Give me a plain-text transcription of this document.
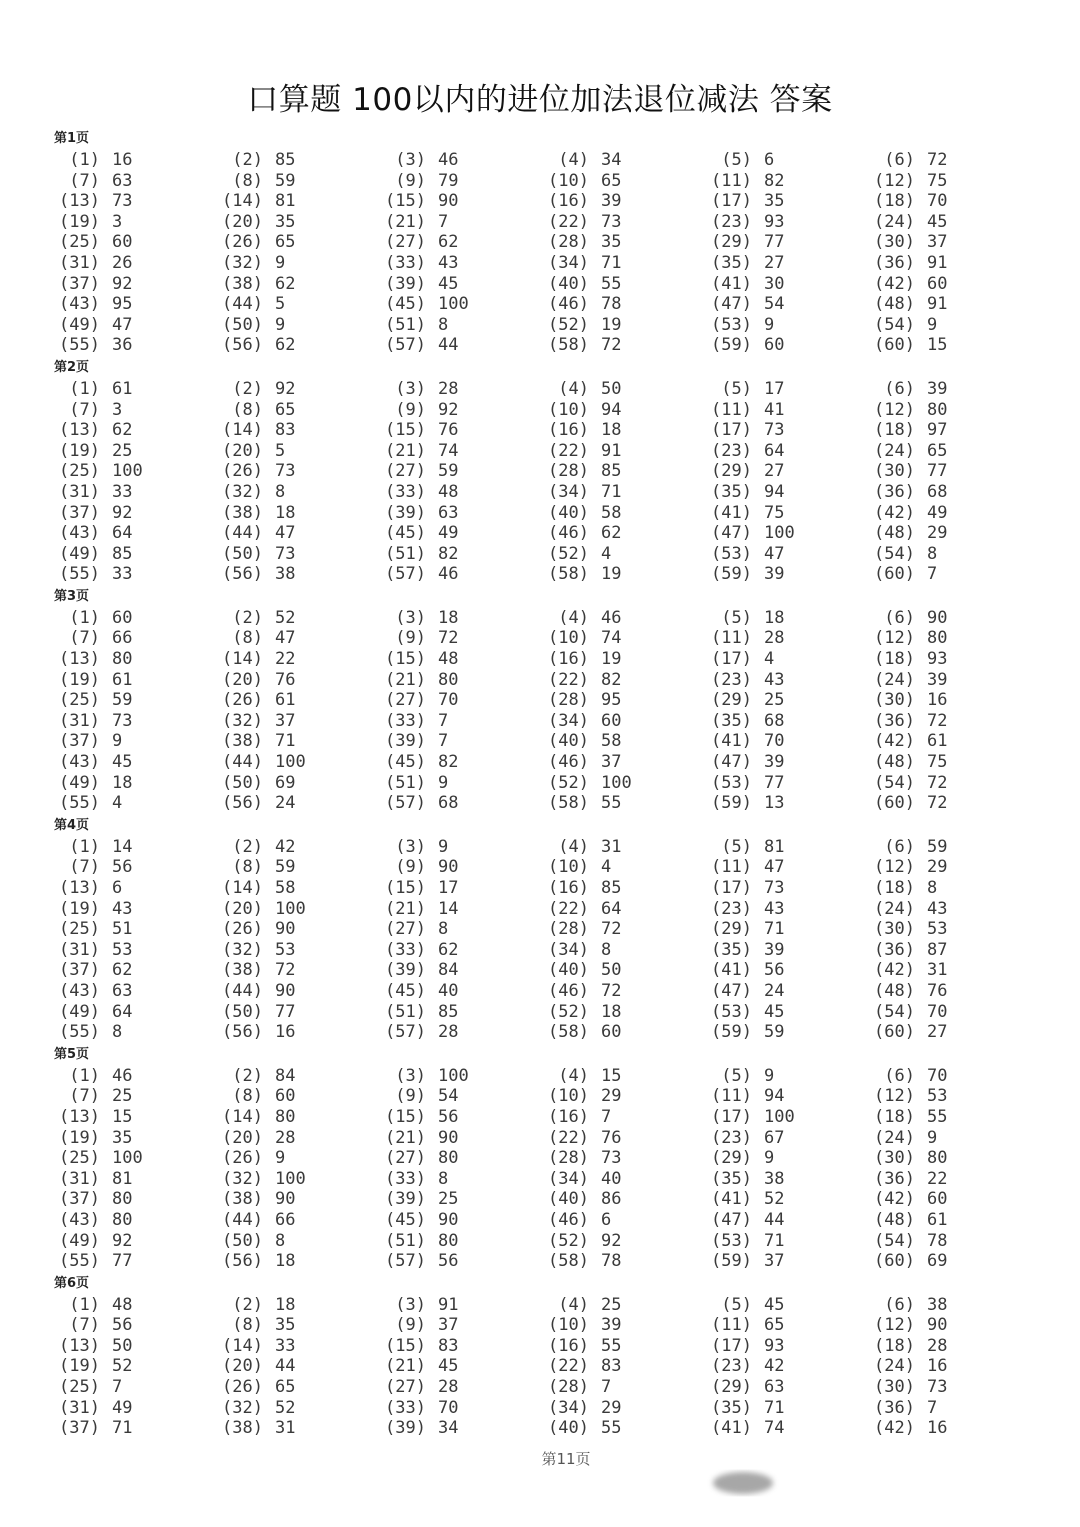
口算题 100以内的进位加法退位减法 答案
第1页
(1) 16	(2) 85	(3) 46	(4) 34	(5) 6	(6) 72
(7) 63	(8) 59	(9) 79	(10) 65	(11) 82	(12) 75
(13) 73	(14) 81	(15) 90	(16) 39	(17) 35	(18) 70
(19) 3	(20) 35	(21) 7	(22) 73	(23) 93	(24) 45
(25) 60	(26) 65	(27) 62	(28) 35	(29) 77	(30) 37
(31) 26	(32) 9	(33) 43	(34) 71	(35) 27	(36) 91
(37) 92	(38) 62	(39) 45	(40) 55	(41) 30	(42) 60
(43) 95	(44) 5	(45) 100	(46) 78	(47) 54	(48) 91
(49) 47	(50) 9	(51) 8	(52) 19	(53) 9	(54) 9
(55) 36	(56) 62	(57) 44	(58) 72	(59) 60	(60) 15
第2页
(1) 61	(2) 92	(3) 28	(4) 50	(5) 17	(6) 39
(7) 3	(8) 65	(9) 92	(10) 94	(11) 41	(12) 80
(13) 62	(14) 83	(15) 76	(16) 18	(17) 73	(18) 97
(19) 25	(20) 5	(21) 74	(22) 91	(23) 64	(24) 65
(25) 100	(26) 73	(27) 59	(28) 85	(29) 27	(30) 77
(31) 33	(32) 8	(33) 48	(34) 71	(35) 94	(36) 68
(37) 92	(38) 18	(39) 63	(40) 58	(41) 75	(42) 49
(43) 64	(44) 47	(45) 49	(46) 62	(47) 100	(48) 29
(49) 85	(50) 73	(51) 82	(52) 4	(53) 47	(54) 8
(55) 33	(56) 38	(57) 46	(58) 19	(59) 39	(60) 7
第3页
(1) 60	(2) 52	(3) 18	(4) 46	(5) 18	(6) 90
(7) 66	(8) 47	(9) 72	(10) 74	(11) 28	(12) 80
(13) 80	(14) 22	(15) 48	(16) 19	(17) 4	(18) 93
(19) 61	(20) 76	(21) 80	(22) 82	(23) 43	(24) 39
(25) 59	(26) 61	(27) 70	(28) 95	(29) 25	(30) 16
(31) 73	(32) 37	(33) 7	(34) 60	(35) 68	(36) 72
(37) 9	(38) 71	(39) 7	(40) 58	(41) 70	(42) 61
(43) 45	(44) 100	(45) 82	(46) 37	(47) 39	(48) 75
(49) 18	(50) 69	(51) 9	(52) 100	(53) 77	(54) 72
(55) 4	(56) 24	(57) 68	(58) 55	(59) 13	(60) 72
第4页
(1) 14	(2) 42	(3) 9	(4) 31	(5) 81	(6) 59
(7) 56	(8) 59	(9) 90	(10) 4	(11) 47	(12) 29
(13) 6	(14) 58	(15) 17	(16) 85	(17) 73	(18) 8
(19) 43	(20) 100	(21) 14	(22) 64	(23) 43	(24) 43
(25) 51	(26) 90	(27) 8	(28) 72	(29) 71	(30) 53
(31) 53	(32) 53	(33) 62	(34) 8	(35) 39	(36) 87
(37) 62	(38) 72	(39) 84	(40) 50	(41) 56	(42) 31
(43) 63	(44) 90	(45) 40	(46) 72	(47) 24	(48) 76
(49) 64	(50) 77	(51) 85	(52) 18	(53) 45	(54) 70
(55) 8	(56) 16	(57) 28	(58) 60	(59) 59	(60) 27
第5页
(1) 46	(2) 84	(3) 100	(4) 15	(5) 9	(6) 70
(7) 25	(8) 60	(9) 54	(10) 29	(11) 94	(12) 53
(13) 15	(14) 80	(15) 56	(16) 7	(17) 100	(18) 55
(19) 35	(20) 28	(21) 90	(22) 76	(23) 67	(24) 9
(25) 100	(26) 9	(27) 80	(28) 73	(29) 9	(30) 80
(31) 81	(32) 100	(33) 8	(34) 40	(35) 38	(36) 22
(37) 80	(38) 90	(39) 25	(40) 86	(41) 52	(42) 60
(43) 80	(44) 66	(45) 90	(46) 6	(47) 44	(48) 61
(49) 92	(50) 8	(51) 80	(52) 92	(53) 71	(54) 78
(55) 77	(56) 18	(57) 56	(58) 78	(59) 37	(60) 69
第6页
(1) 48	(2) 18	(3) 91	(4) 25	(5) 45	(6) 38
(7) 56	(8) 35	(9) 37	(10) 39	(11) 65	(12) 90
(13) 50	(14) 33	(15) 83	(16) 55	(17) 93	(18) 28
(19) 52	(20) 44	(21) 45	(22) 83	(23) 42	(24) 16
(25) 7	(26) 65	(27) 28	(28) 7	(29) 63	(30) 73
(31) 49	(32) 52	(33) 70	(34) 29	(35) 71	(36) 7
(37) 71	(38) 31	(39) 34	(40) 55	(41) 74	(42) 16
第11页
